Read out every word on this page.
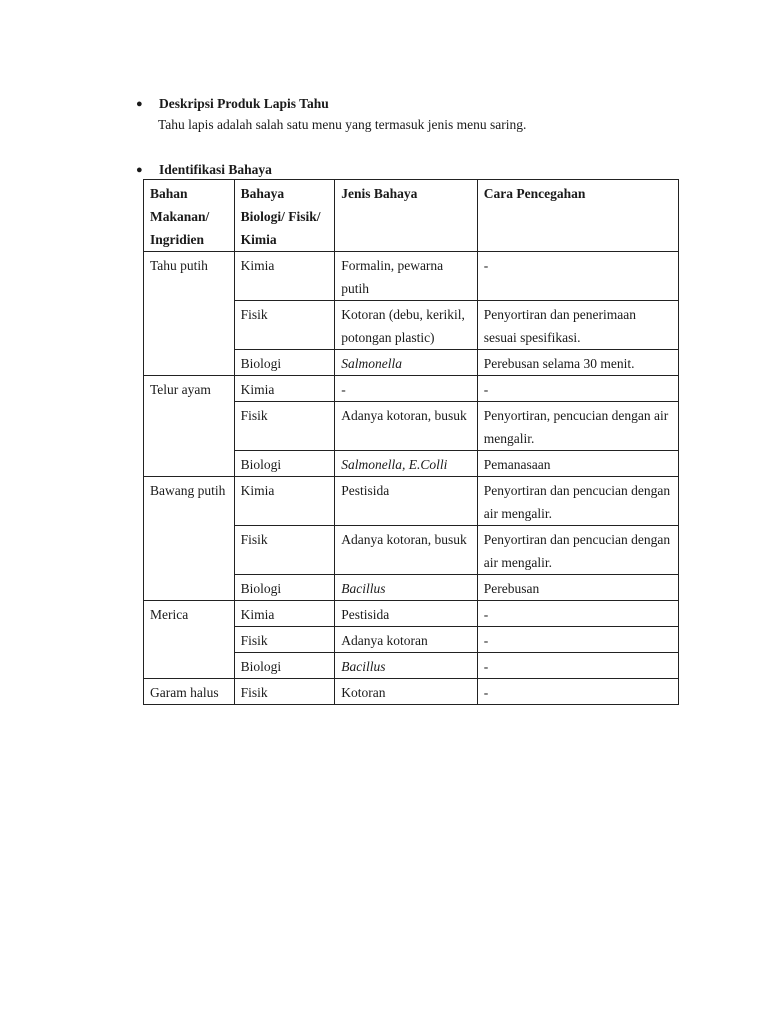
● Deskripsi Produk Lapis Tahu
Tahu lapis adalah salah satu menu yang termasuk jenis menu saring.
● Identifikasi Bahaya
Bahan Makanan/ Ingridien	Bahaya Biologi/ Fisik/ Kimia	Jenis Bahaya	Cara Pencegahan
Tahu putih	Kimia	Formalin, pewarna putih	-
	Fisik	Kotoran (debu, kerikil, potongan plastic)	Penyortiran dan penerimaan sesuai spesifikasi.
	Biologi	Salmonella	Perebusan selama 30 menit.
Telur ayam	Kimia	-	-
	Fisik	Adanya kotoran, busuk	Penyortiran, pencucian dengan air mengalir.
	Biologi	Salmonella, E.Colli	Pemanasaan
Bawang putih	Kimia	Pestisida	Penyortiran dan pencucian dengan air mengalir.
	Fisik	Adanya kotoran, busuk	Penyortiran dan pencucian dengan air mengalir.
	Biologi	Bacillus	Perebusan
Merica	Kimia	Pestisida	-
	Fisik	Adanya kotoran	-
	Biologi	Bacillus	-
Garam halus	Fisik	Kotoran	-
